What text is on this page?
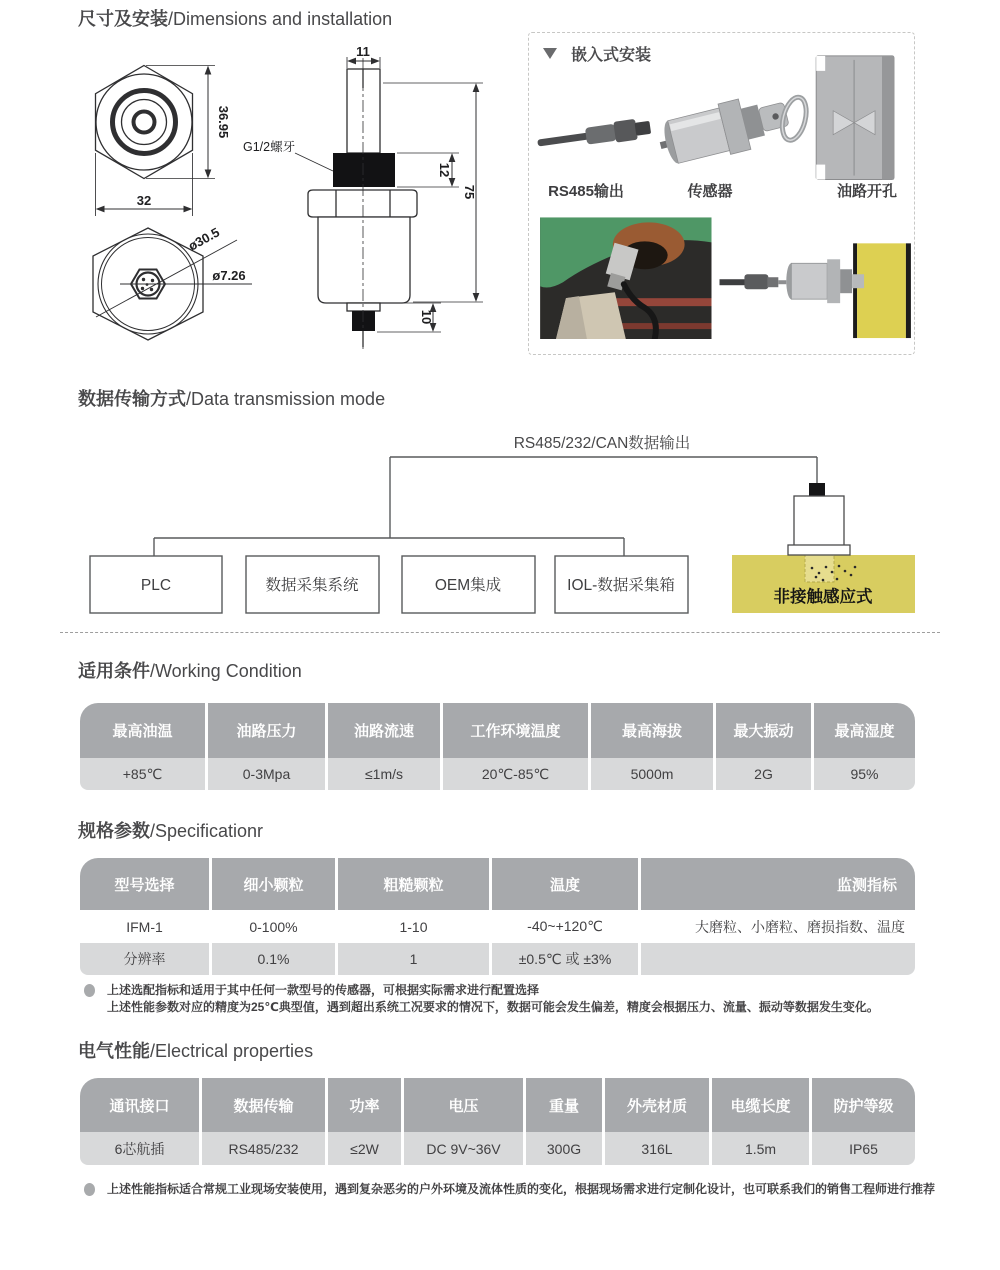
尺寸及安装/Dimensions and installation
32
36.95
11
12
75
10
ø30.5
ø7.26
G1/2螺牙
嵌入式安装
RS485输出	传感器	油路开孔
数据传输方式/Data transmission mode
RS485/232/CAN数据输出
PLC	数据采集系统	OEM集成	IOL-数据采集箱
非接触感应式
适用条件/Working Condition
最高油温	油路压力	油路流速	工作环境温度	最高海拔	最大振动	最高湿度
+85℃	0-3Mpa	≤1m/s	20℃-85℃	5000m	2G	95%
规格参数/Specificationr
型号选择	细小颗粒	粗糙颗粒	温度	监测指标
IFM-1	0-100%	1-10	-40~+120℃	大磨粒、小磨粒、磨损指数、温度
分辨率	0.1%	1	±0.5℃ 或 ±3%
上述选配指标和适用于其中任何一款型号的传感器，可根据实际需求进行配置选择
上述性能参数对应的精度为25℃典型值，遇到超出系统工况要求的情况下，数据可能会发生偏差，精度会根据压力、流量、振动等数据发生变化。
电气性能/Electrical properties
通讯接口	数据传输	功率	电压	重量	外壳材质	电缆长度	防护等级
6芯航插	RS485/232	≤2W	DC 9V~36V	300G	316L	1.5m	IP65
上述性能指标适合常规工业现场安装使用，遇到复杂恶劣的户外环境及流体性质的变化，根据现场需求进行定制化设计，也可联系我们的销售工程师进行推荐
